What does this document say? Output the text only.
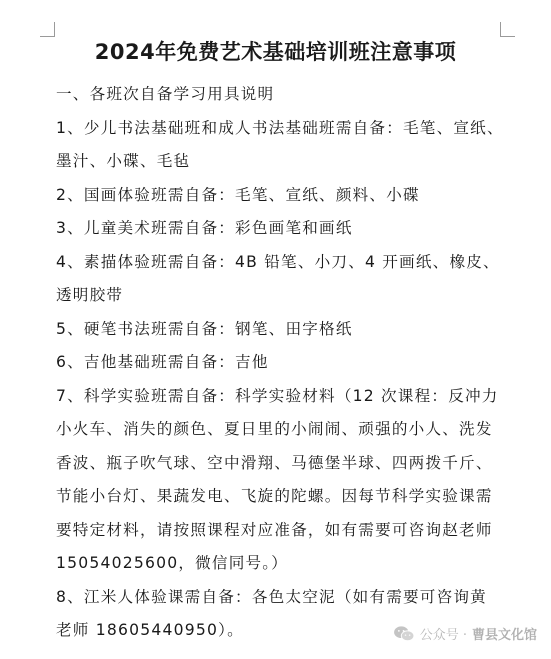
2024年免费艺术基础培训班注意事项
一、各班次自备学习用具说明
1、少儿书法基础班和成人书法基础班需自备：毛笔、宣纸、
墨汁、小碟、毛毡
2、国画体验班需自备：毛笔、宣纸、颜料、小碟
3、儿童美术班需自备：彩色画笔和画纸
4、素描体验班需自备：4B 铅笔、小刀、4 开画纸、橡皮、
透明胶带
5、硬笔书法班需自备：钢笔、田字格纸
6、吉他基础班需自备：吉他
7、科学实验班需自备：科学实验材料（12 次课程：反冲力
小火车、消失的颜色、夏日里的小闹闹、顽强的小人、洗发
香波、瓶子吹气球、空中滑翔、马德堡半球、四两拨千斤、
节能小台灯、果蔬发电、飞旋的陀螺。因每节科学实验课需
要特定材料，请按照课程对应准备，如有需要可咨询赵老师
15054025600，微信同号。）
8、江米人体验课需自备：各色太空泥（如有需要可咨询黄
老师 18605440950）。	公众号 · 曹县文化馆
